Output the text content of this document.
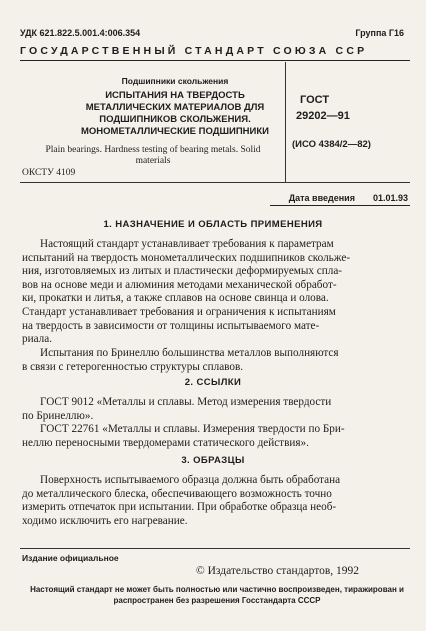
УДК 621.822.5.001.4:006.354	Группа Г16
ГОСУДАРСТВЕННЫЙ СТАНДАРТ СОЮЗА ССР
Подшипники скольжения
ИСПЫТАНИЯ НА ТВЕРДОСТЬ МЕТАЛЛИЧЕСКИХ МАТЕРИАЛОВ ДЛЯ ПОДШИПНИКОВ СКОЛЬЖЕНИЯ. МОНОМЕТАЛЛИЧЕСКИЕ ПОДШИПНИКИ
Plain bearings. Hardness testing of bearing metals. Solid materials
ОКСТУ 4109
ГОСТ
29202—91
(ИСО 4384/2—82)
Дата введения 01.01.93
1. НАЗНАЧЕНИЕ И ОБЛАСТЬ ПРИМЕНЕНИЯ
Настоящий стандарт устанавливает требования к параметрам
испытаний на твердость монометаллических подшипников скольже-
ния, изготовляемых из литых и пластически деформируемых спла-
вов на основе меди и алюминия методами механической обработ-
ки, прокатки и литья, а также сплавов на основе свинца и олова.
Стандарт устанавливает требования и ограничения к испытаниям
на твердость в зависимости от толщины испытываемого мате-
риала.
Испытания по Бринеллю большинства металлов выполняются
в связи с гетерогенностью структуры сплавов.
2. ССЫЛКИ
ГОСТ 9012 «Металлы и сплавы. Метод измерения твердости
по Бринеллю».
ГОСТ 22761 «Металлы и сплавы. Измерения твердости по Бри-
неллю переносными твердомерами статического действия».
3. ОБРАЗЦЫ
Поверхность испытываемого образца должна быть обработана
до металлического блеска, обеспечивающего возможность точно
измерить отпечаток при испытании. При обработке образца необ-
ходимо исключить его нагревание.
Издание официальное
© Издательство стандартов, 1992
Настоящий стандарт не может быть полностью или частично воспроизведен, тиражирован и распространен без разрешения Госстандарта СССР
